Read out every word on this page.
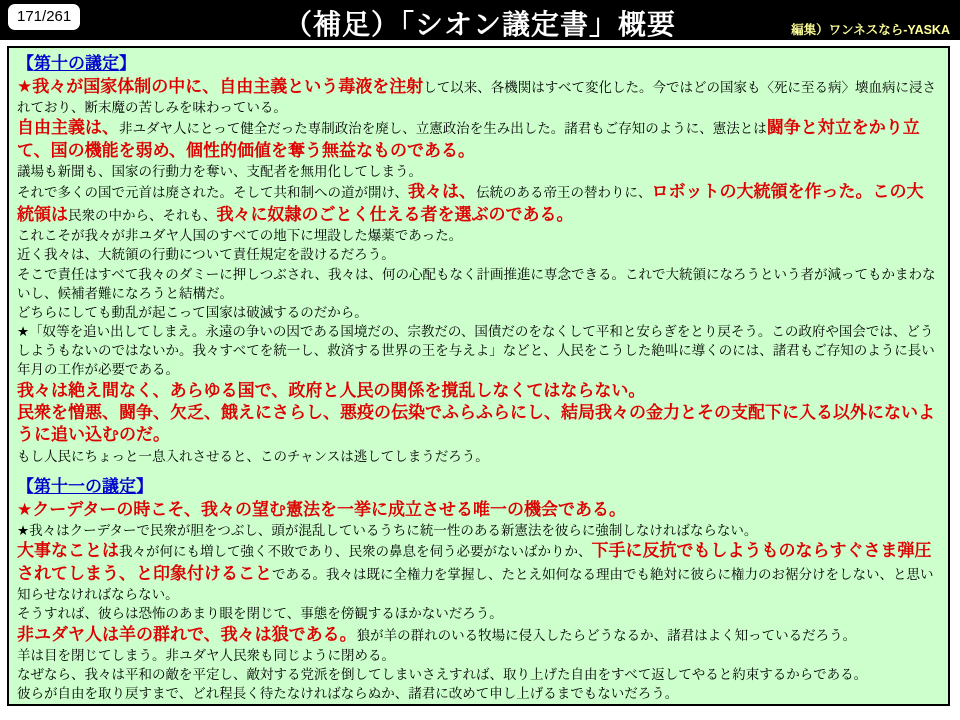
171/261	（補足）「シオン議定書」概要	編集）ワンネスなら-YASKA
【第十の議定】

★我々が国家体制の中に、自由主義という毒液を注射して以来、各機関はすべて変化した。今ではどの国家も〈死に至る病〉壊血病に浸されており、断末魔の苦しみを味わっている。

自由主義は、非ユダヤ人にとって健全だった専制政治を廃し、立憲政治を生み出した。諸君もご存知のように、憲法とは闘争と対立をかり立て、国の機能を弱め、個性的価値を奪う無益なものである。

議場も新聞も、国家の行動力を奪い、支配者を無用化してしまう。

それで多くの国で元首は廃された。そして共和制への道が開け、我々は、伝統のある帝王の替わりに、ロボットの大統領を作った。この大統領は民衆の中から、それも、我々に奴隷のごとく仕える者を選ぶのである。

これこそが我々が非ユダヤ人国のすべての地下に埋設した爆薬であった。

近く我々は、大統領の行動について責任規定を設けるだろう。

そこで責任はすべて我々のダミーに押しつぶされ、我々は、何の心配もなく計画推進に専念できる。これで大統領になろうという者が減ってもかまわないし、候補者難になろうと結構だ。

どちらにしても動乱が起こって国家は破滅するのだから。

★「奴等を追い出してしまえ。永遠の争いの因である国境だの、宗教だの、国債だのをなくして平和と安らぎをとり戻そう。この政府や国会では、どうしようもないのではないか。我々すべてを統一し、救済する世界の王を与えよ」などと、人民をこうした絶叫に導くのには、諸君もご存知のように長い年月の工作が必要である。

我々は絶え間なく、あらゆる国で、政府と人民の関係を撹乱しなくてはならない。

民衆を憎悪、闘争、欠乏、餓えにさらし、悪疫の伝染でふらふらにし、結局我々の金力とその支配下に入る以外にないように追い込むのだ。

もし人民にちょっと一息入れさせると、このチャンスは逃してしまうだろう。

【第十一の議定】

★クーデターの時こそ、我々の望む憲法を一挙に成立させる唯一の機会である。

★我々はクーデターで民衆が胆をつぶし、頭が混乱しているうちに統一性のある新憲法を彼らに強制しなければならない。

大事なことは我々が何にも増して強く不敗であり、民衆の鼻息を伺う必要がないばかりか、下手に反抗でもしようものならすぐさま弾圧されてしまう、と印象付けることである。我々は既に全権力を掌握し、たとえ如何なる理由でも絶対に彼らに権力のお裾分けをしない、と思い知らせなければならない。

そうすれば、彼らは恐怖のあまり眼を閉じて、事態を傍観するほかないだろう。

非ユダヤ人は羊の群れで、我々は狼である。狼が羊の群れのいる牧場に侵入したらどうなるか、諸君はよく知っているだろう。

羊は目を閉じてしまう。非ユダヤ人民衆も同じように閉める。

なぜなら、我々は平和の敵を平定し、敵対する党派を倒してしまいさえすれば、取り上げた自由をすべて返してやると約束するからである。

彼らが自由を取り戻すまで、どれ程長く待たなければならぬか、諸君に改めて申し上げるまでもないだろう。
